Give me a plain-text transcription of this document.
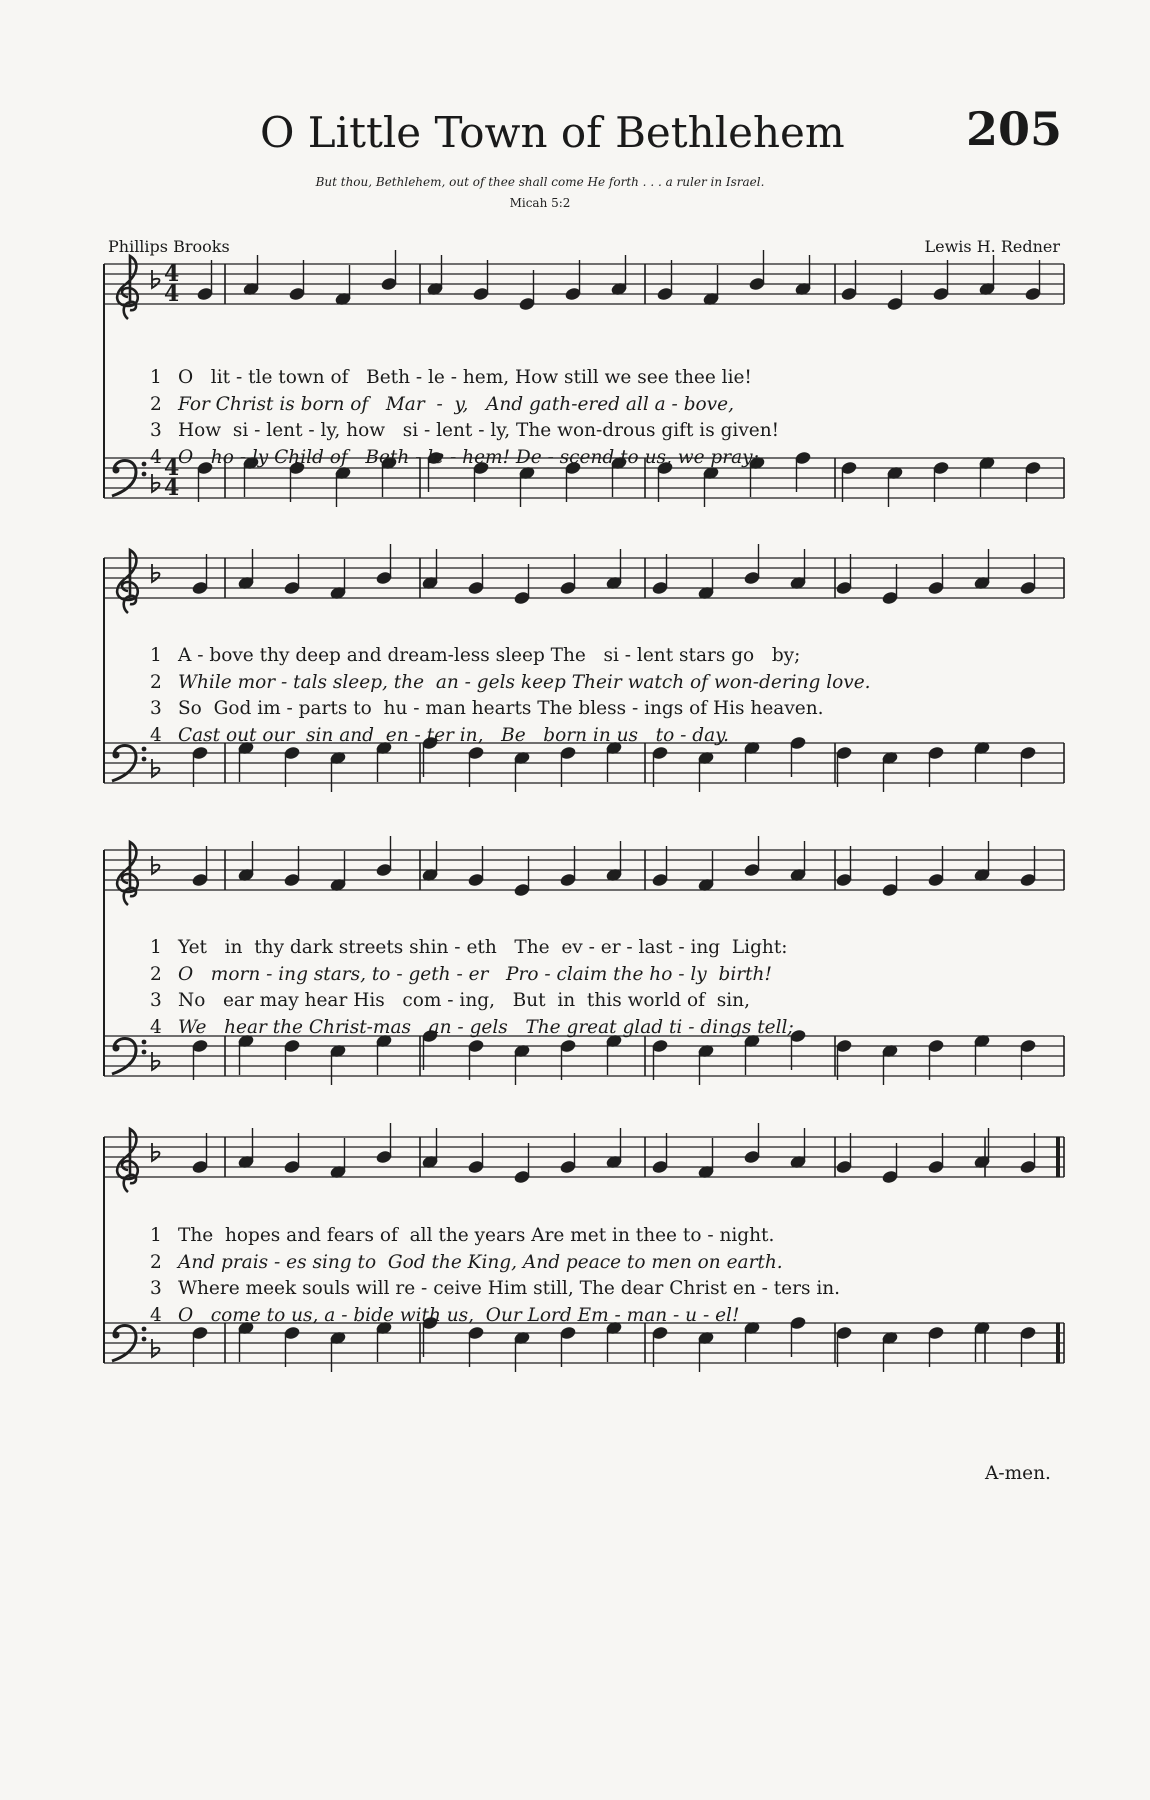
O Little Town of Bethlehem	205
But thou, Bethlehem, out of thee shall come He forth . . . a ruler in Israel.
Micah 5:2
Phillips Brooks	Lewis H. Redner
4
4
4
4
1 O   lit - tle town of   Beth - le - hem, How still we see thee lie!
2 For Christ is born of   Mar  -  y,   And gath-ered all a - bove,
3 How  si - lent - ly, how   si - lent - ly, The won-drous gift is given!
4 O   ho - ly Child of   Beth - le - hem! De - scend to us, we pray;
1 A - bove thy deep and dream-less sleep The   si - lent stars go   by;
2 While mor - tals sleep, the  an - gels keep Their watch of won-dering love.
3 So  God im - parts to  hu - man hearts The bless - ings of His heaven.
4 Cast out our  sin and  en - ter in,   Be   born in us   to - day.
1 Yet   in  thy dark streets shin - eth   The  ev - er - last - ing  Light:
2 O   morn - ing stars, to - geth - er   Pro - claim the ho - ly  birth!
3 No   ear may hear His   com - ing,   But  in  this world of  sin,
4 We   hear the Christ-mas   an - gels   The great glad ti - dings tell;
1 The  hopes and fears of  all the years Are met in thee to - night.
2 And prais - es sing to  God the King, And peace to men on earth.
3 Where meek souls will re - ceive Him still, The dear Christ en - ters in.
4 O   come to us, a - bide with us,  Our Lord Em - man - u - el!
A-men.
